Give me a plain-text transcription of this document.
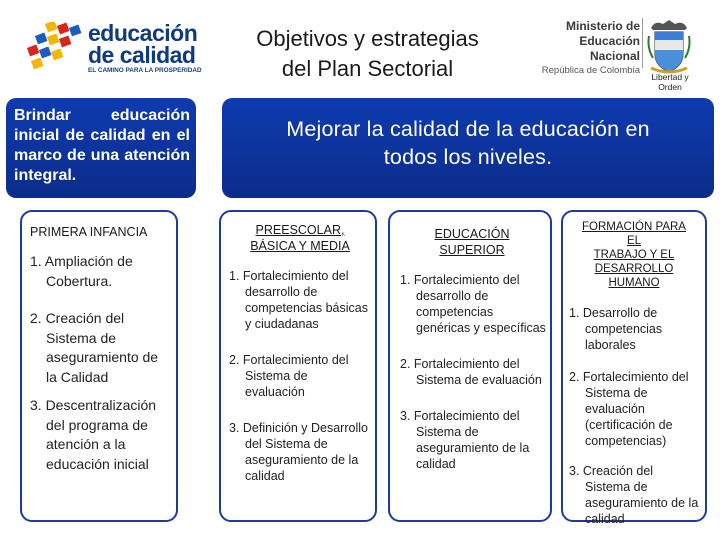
educación
de calidad
EL CAMINO PARA LA PROSPERIDAD
Objetivos y estrategias
del Plan Sectorial
Ministerio de
Educación Nacional
República de Colombia
Libertad y Orden
Brindar educación inicial de calidad en el marco de una atención integral.
Mejorar la calidad de la educación en
todos los niveles.
PRIMERA INFANCIA

1. Ampliación de Cobertura.

2. Creación del Sistema de aseguramiento de la Calidad

3. Descentralización del programa de atención a la educación inicial

PREESCOLAR,
BÁSICA Y MEDIA

1. Fortalecimiento del desarrollo de competencias básicas y ciudadanas

2. Fortalecimiento del Sistema de evaluación

3. Definición y Desarrollo del Sistema de aseguramiento de la calidad

EDUCACIÓN
SUPERIOR

1. Fortalecimiento del desarrollo de competencias genéricas y específicas

2. Fortalecimiento del Sistema de evaluación

3. Fortalecimiento del Sistema de aseguramiento de la calidad

FORMACIÓN PARA
EL
TRABAJO Y EL
DESARROLLO
HUMANO

1. Desarrollo de competencias laborales

2. Fortalecimiento del Sistema de evaluación (certificación de competencias)

3. Creación del Sistema de aseguramiento de la calidad
